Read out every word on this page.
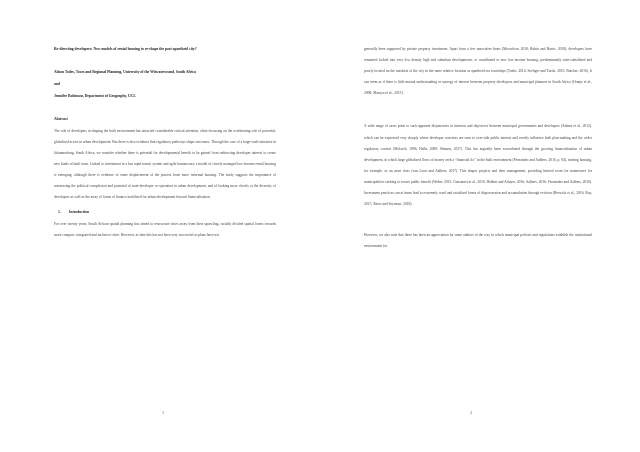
Re-directing developers: New models of rental housing to re-shape the post-apartheid city?
Alison Todes, Town and Regional Planning, University of the Witwatersrand, South Africa
and
Jennifer Robinson, Department of Geography, UCL
Abstract
The role of developers in shaping the built environment has attracted considerable critical attention, often focussing on the overbearing role of powerful, globalised actors in urban development. But there is also evidence that regulatory pathways shape outcomes. Through the case of a large-scale initiative in Johannesburg, South Africa, we consider whether there is potential for developmental benefit to be gained from redirecting developer interest to create new kinds of built form. Linked to investment in a bus rapid transit system and agile bureaucracy a model of closely managed low-income rental housing is emerging, although there is evidence of some displacement of the poorest from more informal housing. The study suggests the importance of reassessing the political complexion and potential of state-developer co-operation in urban development, and of looking more closely at the diversity of developers as well as the array of forms of finance mobilised for urban development beyond financialisation.
1. Introduction
For over twenty years, South African spatial planning has aimed to restructure cities away from their sprawling, racially divided spatial forms towards more compact, integrated and inclusive cities. However, as date this has not been very successful as plans have not
1
generally been supported by private property investment. Apart from a few innovative firms (Mosselson, 2018; Rubin and Harris, 2018), developers have remained locked into very low density high end suburban developments, or contributed to new low-income housing, predominantly state-subsidised and poorly located on the outskirts of the city in the same relative location as apartheid era townships (Todes, 2014; Seeliger and Turok, 2015; Butcher, 2016). It can seem as if there is little mutual understanding or synergy of interest between property developers and municipal planners in South Africa (Oranje et al., 2008; Masuya et al., 2015).
A wide range of cases point to such apparent disjunctures in interests and objectives between municipal governments and developers (Adams et al., 2012), which can be expressed very sharply where developer concerns are seen to over-ride public interest and overtly influence both plan-making and the wider regulatory context (Molotch, 1996; Halla, 2008; Shimon, 2017). This has arguably been exacerbated through the growing financialisation of urban development, in which large globalised flows of money seek a “financial fix” in the built environment (Fernandez and Aalbers, 2016, p. 84), treating housing, for example, as an asset class (van Loon and Aalbers, 2017). This shapes projects and their management, providing limited room for manoeuvre for municipalities seeking to secure public benefit (Weber, 2015; Guironnet et al., 2016, Halbert and Attuyer, 2016; Aalbers, 2016; Fernandez and Aalbers, 2016). Investment practices can at times lead to extremely cruel and racialised forms of dispossession and accumulation through eviction (Beswick et al., 2016; Roy, 2017; Akers and Seymour, 2018).
However, we also note that there has been an appreciation by some authors of the way in which municipal policies and regulations establish the institutional environment for
2
